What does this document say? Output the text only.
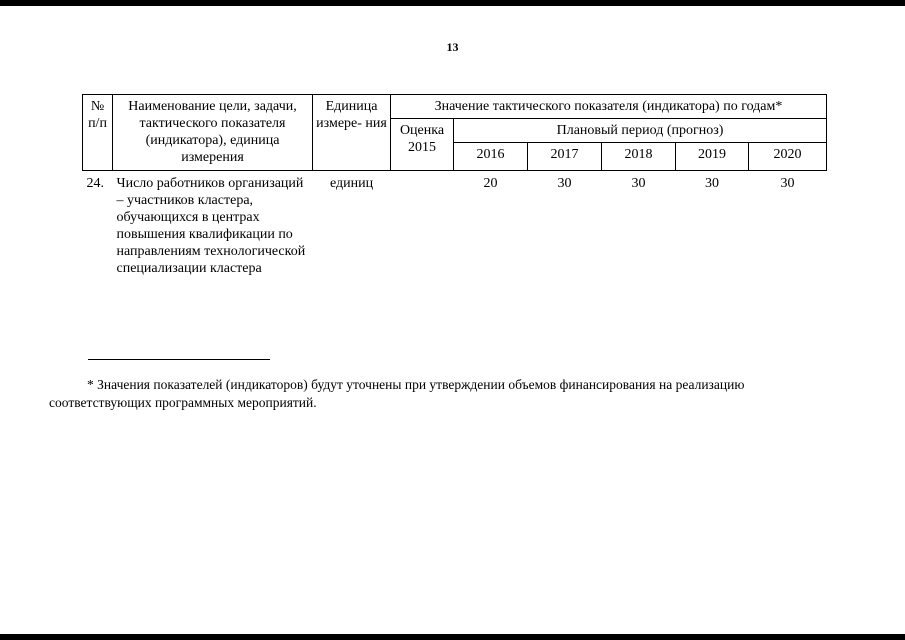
13
№ п/п	Наименование цели, задачи, тактического показателя (индикатора), единица измерения	Единица измере- ния	Значение тактического показателя (индикатора) по годам*					
			Оценка 2015	Плановый период (прогноз)				
				2016	2017	2018	2019	2020
24.	Число работников организаций – участников кластера, обучающихся в центрах повышения квалификации по направлениям технологической специализации кластера	единиц		20	30	30	30	30
* Значения показателей (индикаторов) будут уточнены при утверждении объемов финансирования на реализацию
соответствующих программных мероприятий.
